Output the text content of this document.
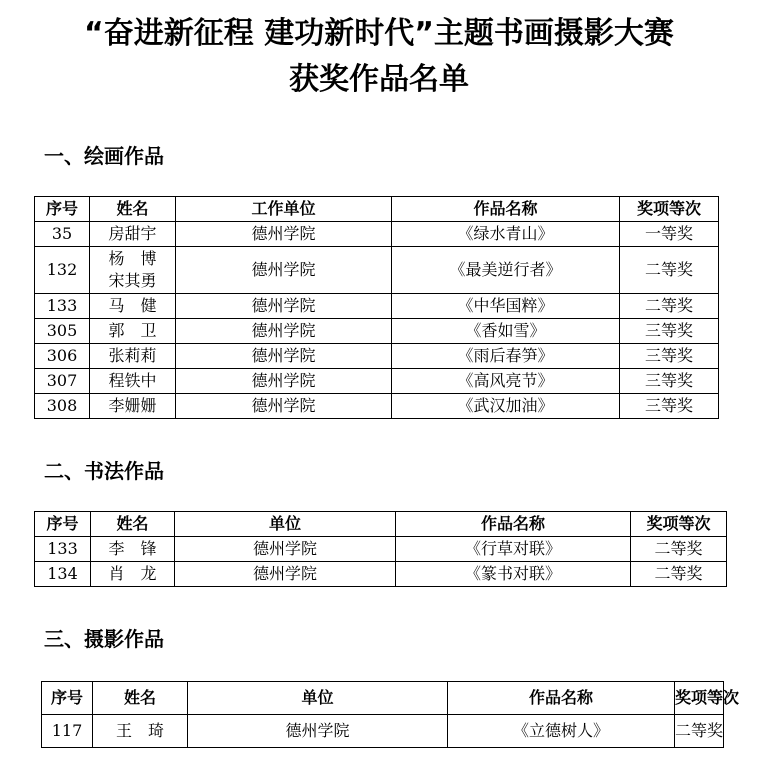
“奋进新征程 建功新时代”主题书画摄影大赛
获奖作品名单
一、绘画作品
序号	姓名	工作单位	作品名称	奖项等次
35	房甜宇	德州学院	《绿水青山》	一等奖
132	杨　博
宋其勇	德州学院	《最美逆行者》	二等奖
133	马　健	德州学院	《中华国粹》	二等奖
305	郭　卫	德州学院	《香如雪》	三等奖
306	张莉莉	德州学院	《雨后春笋》	三等奖
307	程铁中	德州学院	《高风亮节》	三等奖
308	李姗姗	德州学院	《武汉加油》	三等奖
二、书法作品
序号	姓名	单位	作品名称	奖项等次
133	李　锋	德州学院	《行草对联》	二等奖
134	肖　龙	德州学院	《篆书对联》	二等奖
三、摄影作品
序号	姓名	单位	作品名称	奖项等次
117	王　琦	德州学院	《立德树人》	二等奖
